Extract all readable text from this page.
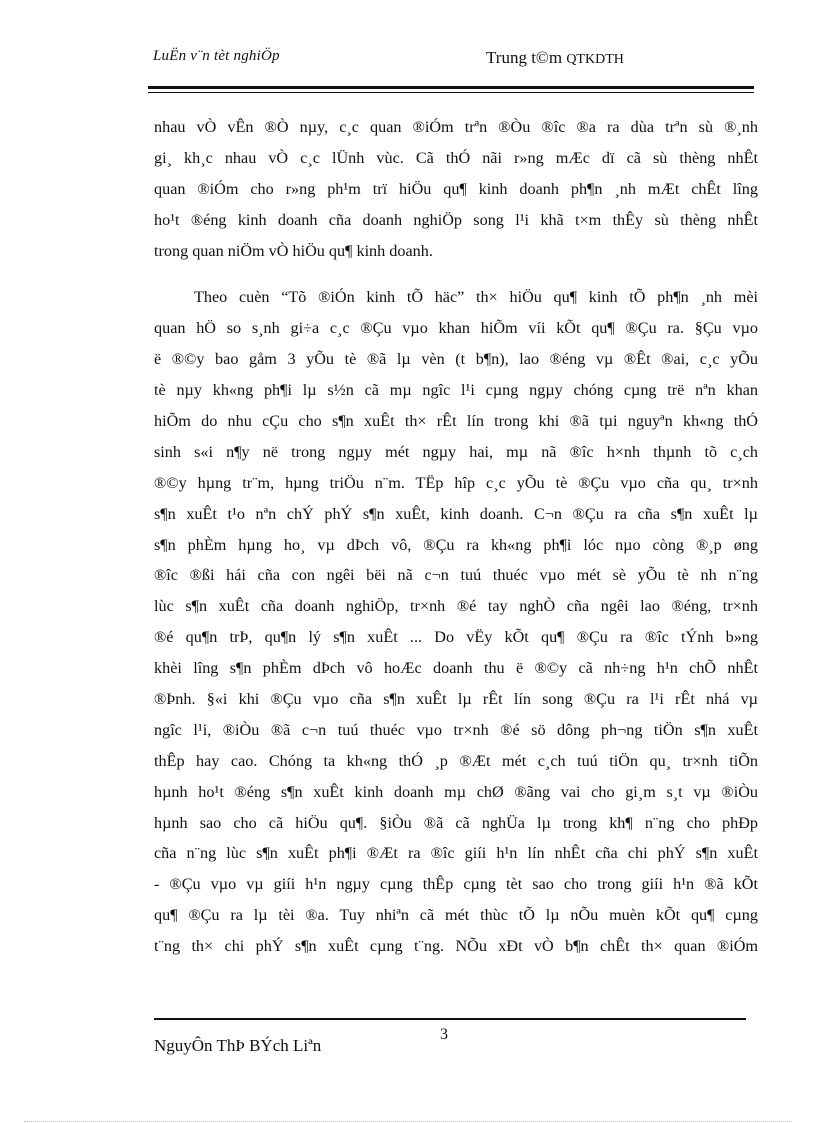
LuËn v¨n tèt nghiÖp	Trung t©m QTKDTH
nhau vÒ vÊn ®Ò nµy, c¸c quan ®iÓm trªn ®Òu ®îc ®a ra dùa trªn sù ®¸nh
gi¸ kh¸c nhau vÒ c¸c lÜnh vùc. Cã thÓ nãi r»ng mÆc dï cã sù thèng nhÊt
quan ®iÓm cho r»ng ph¹m trï hiÖu qu¶ kinh doanh ph¶n ¸nh mÆt chÊt lîng
ho¹t ®éng kinh doanh cña doanh nghiÖp song l¹i khã t×m thÊy sù thèng nhÊt
trong quan niÖm vÒ hiÖu qu¶ kinh doanh.
Theo cuèn “Tõ ®iÓn kinh tÕ häc” th× hiÖu qu¶ kinh tÕ ph¶n ¸nh mèi
quan hÖ so s¸nh gi÷a c¸c ®Çu vµo khan hiÕm víi kÕt qu¶ ®Çu ra. §Çu vµo
ë ®©y bao gåm 3 yÕu tè ®ã lµ vèn (t b¶n), lao ®éng vµ ®Êt ®ai, c¸c yÕu
tè nµy kh«ng ph¶i lµ s½n cã mµ ngîc l¹i cµng ngµy chóng cµng trë nªn khan
hiÕm do nhu cÇu cho s¶n xuÊt th× rÊt lín trong khi ®ã tµi nguyªn kh«ng thÓ
sinh s«i n¶y në trong ngµy mét ngµy hai, mµ nã ®îc h×nh thµnh tõ c¸ch
®©y hµng tr¨m, hµng triÖu n¨m. TËp hîp c¸c yÕu tè ®Çu vµo cña qu¸ tr×nh
s¶n xuÊt t¹o nªn chÝ phÝ s¶n xuÊt, kinh doanh. C¬n ®Çu ra cña s¶n xuÊt lµ
s¶n phÈm hµng ho¸ vµ dÞch vô, ®Çu ra kh«ng ph¶i lóc nµo còng ®¸p øng
®îc ®ßi hái cña con ngêi bëi nã c¬n tuú thuéc vµo mét sè yÕu tè nh n¨ng
lùc s¶n xuÊt cña doanh nghiÖp, tr×nh ®é tay nghÒ cña ngêi lao ®éng, tr×nh
®é qu¶n trÞ, qu¶n lý s¶n xuÊt ... Do vËy kÕt qu¶ ®Çu ra ®îc tÝnh b»ng
khèi lîng s¶n phÈm dÞch vô hoÆc doanh thu ë ®©y cã nh÷ng h¹n chÕ nhÊt
®Þnh. §«i khi ®Çu vµo cña s¶n xuÊt lµ rÊt lín song ®Çu ra l¹i rÊt nhá vµ
ngîc l¹i, ®iÒu ®ã c¬n tuú thuéc vµo tr×nh ®é sö dông ph¬ng tiÖn s¶n xuÊt
thÊp hay cao. Chóng ta kh«ng thÓ ¸p ®Æt mét c¸ch tuú tiÖn qu¸ tr×nh tiÕn
hµnh ho¹t ®éng s¶n xuÊt kinh doanh mµ chØ ®ãng vai cho gi¸m s¸t vµ ®iÒu
hµnh sao cho cã hiÖu qu¶. §iÒu ®ã cã nghÜa lµ trong kh¶ n¨ng cho phÐp
cña n¨ng lùc s¶n xuÊt ph¶i ®Æt ra ®îc giíi h¹n lín nhÊt cña chi phÝ s¶n xuÊt
- ®Çu vµo vµ giíi h¹n ngµy cµng thÊp cµng tèt sao cho trong giíi h¹n ®ã kÕt
qu¶ ®Çu ra lµ tèi ®a. Tuy nhiªn cã mét thùc tÕ lµ nÕu muèn kÕt qu¶ cµng
t¨ng th× chi phÝ s¶n xuÊt cµng t¨ng. NÕu xÐt vÒ b¶n chÊt th× quan ®iÓm
3
NguyÔn ThÞ BÝch Liªn
